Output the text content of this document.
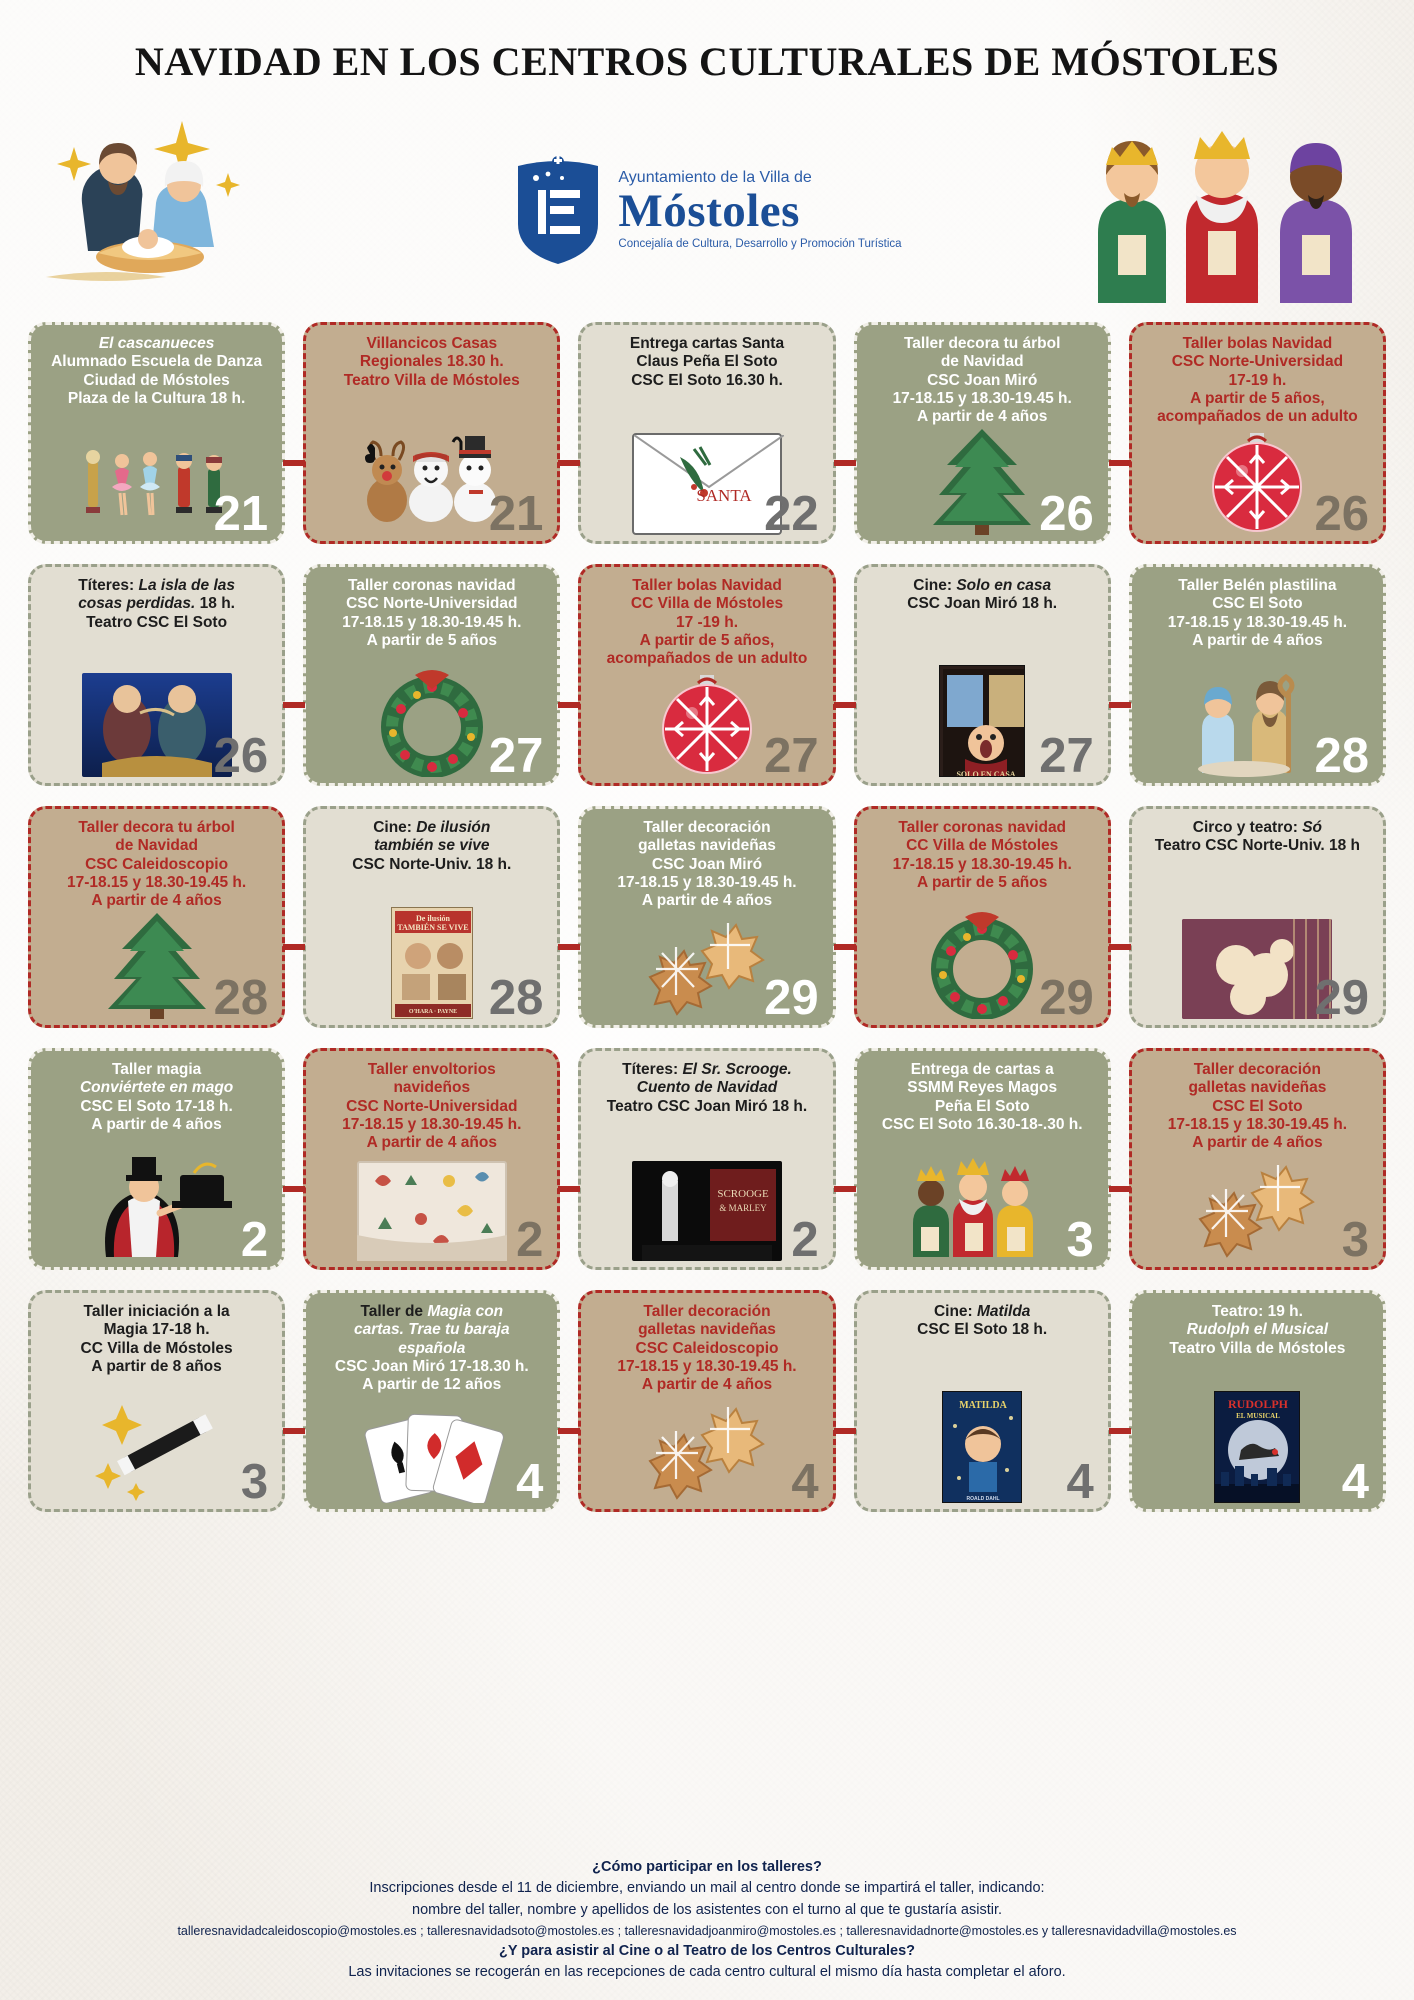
NAVIDAD EN LOS CENTROS CULTURALES DE MÓSTOLES
Ayuntamiento de la Villa de
Móstoles
Concejalía de Cultura, Desarrollo y Promoción Turística
El cascanueces
Alumnado Escuela de Danza
Ciudad de Móstoles
Plaza de la Cultura 18 h.
21
Villancicos Casas
Regionales 18.30 h.
Teatro Villa de Móstoles
21
Entrega cartas Santa
Claus Peña El Soto
CSC El Soto 16.30 h.
SANTA 22
Taller decora tu árbol
de Navidad
CSC Joan Miró
17-18.15 y 18.30-19.45 h.
A partir de 4 años
26
Taller bolas Navidad
CSC Norte-Universidad
17-19 h.
A partir de 5 años,
acompañados de un adulto
26
Títeres: La isla de las
cosas perdidas. 18 h.
Teatro CSC El Soto
26
Taller coronas navidad
CSC Norte-Universidad
17-18.15 y 18.30-19.45 h.
A partir de 5 años
27
Taller bolas Navidad
CC Villa de Móstoles
17 -19 h.
A partir de 5 años,
acompañados de un adulto
27
Cine: Solo en casa
CSC Joan Miró 18 h.
SOLO EN CASA 27
Taller Belén plastilina
CSC El Soto
17-18.15 y 18.30-19.45 h.
A partir de 4 años
28
Taller decora tu árbol
de Navidad
CSC Caleidoscopio
17-18.15 y 18.30-19.45 h.
A partir de 4 años
28
Cine: De ilusión
también se vive
CSC Norte-Univ. 18 h.
De ilusión
TAMBIÉN SE VIVE
O'HARA · PAYNE 28
Taller decoración
galletas navideñas
CSC Joan Miró
17-18.15 y 18.30-19.45 h.
A partir de 4 años
29
Taller coronas navidad
CC Villa de Móstoles
17-18.15 y 18.30-19.45 h.
A partir de 5 años
29
Circo y teatro: Só
Teatro CSC Norte-Univ. 18 h
29
Taller magia
Conviértete en mago
CSC El Soto 17-18 h.
A partir de 4 años
2
Taller envoltorios
navideños
CSC Norte-Universidad
17-18.15 y 18.30-19.45 h.
A partir de 4 años
2
Títeres: El Sr. Scrooge.
Cuento de Navidad
Teatro CSC Joan Miró 18 h.
SCROOGE
& MARLEY
2
Entrega de cartas a
SSMM Reyes Magos
Peña El Soto
CSC El Soto 16.30-18-.30 h.
3
Taller decoración
galletas navideñas
CSC El Soto
17-18.15 y 18.30-19.45 h.
A partir de 4 años
3
Taller iniciación a la
Magia 17-18 h.
CC Villa de Móstoles
A partir de 8 años
3
Taller de Magia con
cartas. Trae tu baraja
española
CSC Joan Miró 17-18.30 h.
A partir de 12 años
4
Taller decoración
galletas navideñas
CSC Caleidoscopio
17-18.15 y 18.30-19.45 h.
A partir de 4 años
4
Cine: Matilda
CSC El Soto 18 h.
MATILDA
ROALD DAHL 4
Teatro: 19 h.
Rudolph el Musical
Teatro Villa de Móstoles
RUDOLPH
EL MUSICAL
4
¿Cómo participar en los talleres?
Inscripciones desde el 11 de diciembre, enviando un mail al centro donde se impartirá el taller, indicando:
nombre del taller, nombre y apellidos de los asistentes con el turno al que te gustaría asistir.
talleresnavidadcaleidoscopio@mostoles.es ; talleresnavidadsoto@mostoles.es ; talleresnavidadjoanmiro@mostoles.es ; talleresnavidadnorte@mostoles.es y talleresnavidadvilla@mostoles.es
¿Y para asistir al Cine o al Teatro de los Centros Culturales?
Las invitaciones se recogerán en las recepciones de cada centro cultural el mismo día hasta completar el aforo.
